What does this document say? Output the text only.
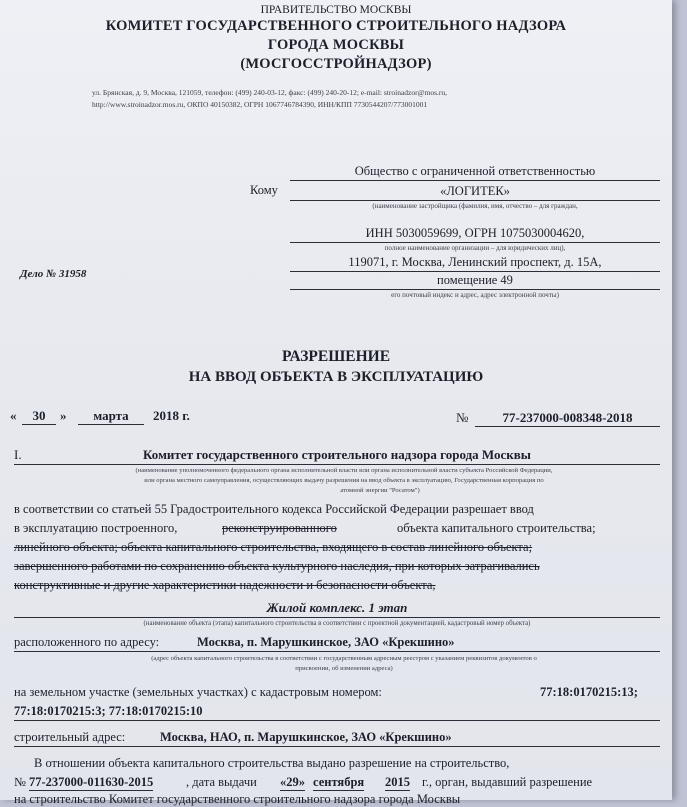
ПРАВИТЕЛЬСТВО МОСКВЫ
КОМИТЕТ ГОСУДАРСТВЕННОГО СТРОИТЕЛЬНОГО НАДЗОРА
ГОРОДА МОСКВЫ
(МОСГОССТРОЙНАДЗОР)
ул. Брянская, д. 9, Москва, 121059, телефон: (499) 240-03-12, факс: (499) 240-20-12; e-mail: stroinadzor@mos.ru,
http://www.stroinadzor.mos.ru, ОКПО 40150382, ОГРН 1067746784390, ИНН/КПП 7730544207/773001001
Кому
Общество с ограниченной ответственностью
«ЛОГИТЕК»
(наименование застройщика (фамилия, имя, отчество – для граждан,
ИНН 5030059699, ОГРН 1075030004620,
полное наименование организации – для юридических лиц),
119071, г. Москва, Ленинский проспект, д. 15А,
помещение 49
его почтовый индекс и адрес, адрес электронной почты)
Дело № 31958
РАЗРЕШЕНИЕ
НА ВВОД ОБЪЕКТА В ЭКСПЛУАТАЦИЮ
«	30	»	марта	2018 г.	№	77-237000-008348-2018
I.	Комитет государственного строительного надзора города Москвы
(наименование уполномоченного федерального органа исполнительной власти или органа исполнительной власти субъекта Российской Федерации,
или органа местного самоуправления, осуществляющих выдачу разрешения на ввод объекта в эксплуатацию, Государственная корпорация по
атомной энергии "Росатом")
в соответствии со статьей 55 Градостроительного кодекса Российской Федерации разрешает ввод
в эксплуатацию построенного,	реконструированного	объекта капитального строительства;
линейного объекта; объекта капитального строительства, входящего в состав линейного объекта;
завершенного работами по сохранению объекта культурного наследия, при которых затрагивались
конструктивные и другие характеристики надежности и безопасности объекта,
Жилой комплекс. 1 этап
(наименование объекта (этапа) капитального строительства в соответствии с проектной документацией, кадастровый номер объекта)
расположенного по адресу:	Москва, п. Марушкинское, ЗАО «Крекшино»
(адрес объекта капитального строительства в соответствии с государственным адресным реестром с указанием реквизитов документов о
присвоении, об изменении адреса)
на земельном участке (земельных участках) с кадастровым номером:	77:18:0170215:13;
77:18:0170215:3; 77:18:0170215:10
строительный адрес:	Москва, НАО, п. Марушкинское, ЗАО «Крекшино»
В отношении объекта капитального строительства выдано разрешение на строительство,
№ 77-237000-011630-2015	, дата выдачи «29» сентября 2015 г., орган, выдавший разрешение
на строительство Комитет государственного строительного надзора города Москвы
